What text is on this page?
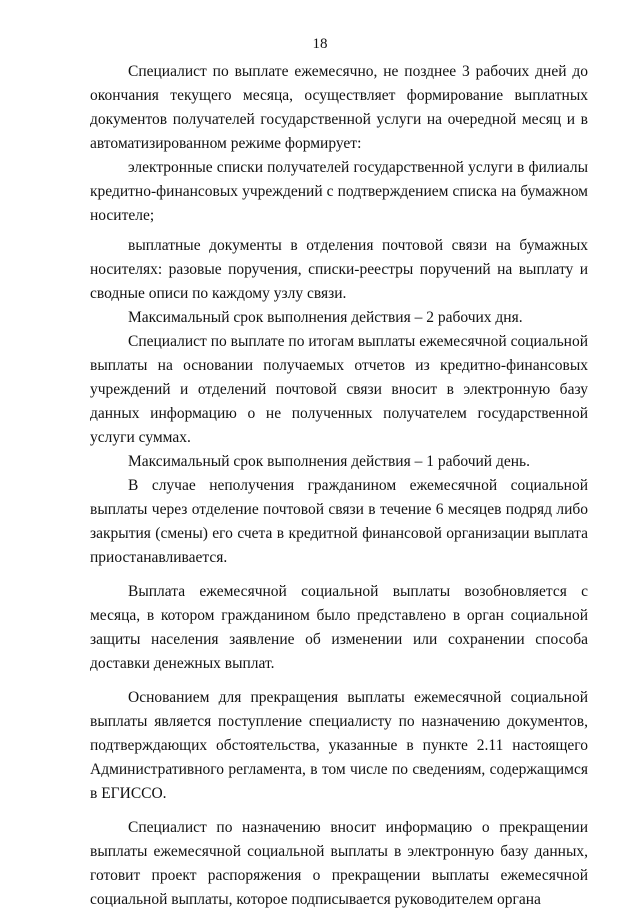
18

Специалист по выплате ежемесячно, не позднее 3 рабочих дней до окончания текущего месяца, осуществляет формирование выплатных документов получателей государственной услуги на очередной месяц и в автоматизированном режиме формирует:

электронные списки получателей государственной услуги в филиалы кредитно-финансовых учреждений с подтверждением списка на бумажном носителе;

выплатные документы в отделения почтовой связи на бумажных носителях: разовые поручения, списки-реестры поручений на выплату и сводные описи по каждому узлу связи.

Максимальный срок выполнения действия – 2 рабочих дня.

Специалист по выплате по итогам выплаты ежемесячной социальной выплаты на основании получаемых отчетов из кредитно-финансовых учреждений и отделений почтовой связи вносит в электронную базу данных информацию о не полученных получателем государственной услуги суммах.

Максимальный срок выполнения действия – 1 рабочий день.

В случае неполучения гражданином ежемесячной социальной выплаты через отделение почтовой связи в течение 6 месяцев подряд либо закрытия (смены) его счета в кредитной финансовой организации выплата приостанавливается.

Выплата ежемесячной социальной выплаты возобновляется с месяца, в котором гражданином было представлено в орган социальной защиты населения заявление об изменении или сохранении способа доставки денежных выплат.

Основанием для прекращения выплаты ежемесячной социальной выплаты является поступление специалисту по назначению документов, подтверждающих обстоятельства, указанные в пункте 2.11 настоящего Административного регламента, в том числе по сведениям, содержащимся в ЕГИССО.

Специалист по назначению вносит информацию о прекращении выплаты ежемесячной социальной выплаты в электронную базу данных, готовит проект распоряжения о прекращении выплаты ежемесячной социальной выплаты, которое подписывается руководителем органа
